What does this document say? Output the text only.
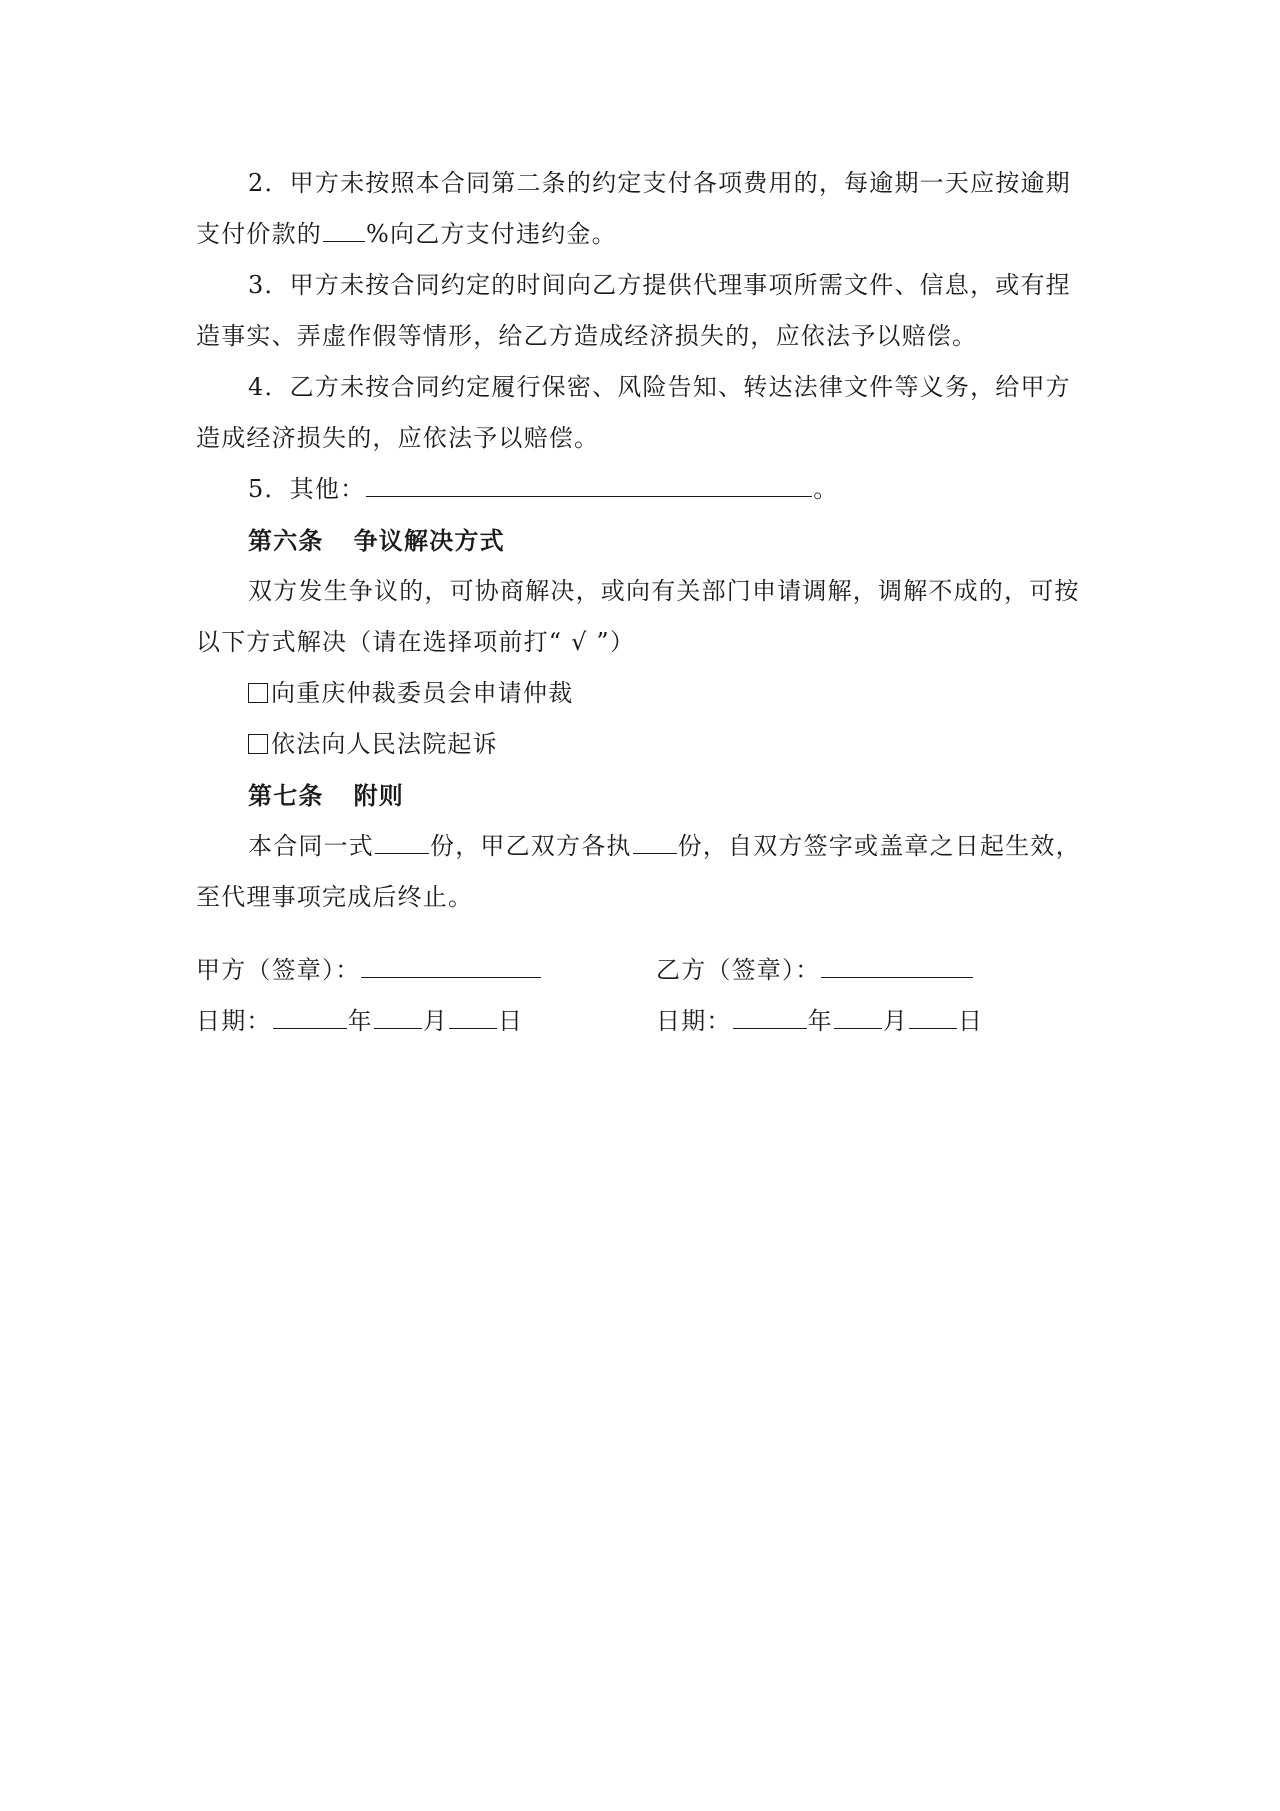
2．甲方未按照本合同第二条的约定支付各项费用的，每逾期一天应按逾期支付价款的 %向乙方支付违约金。

3．甲方未按合同约定的时间向乙方提供代理事项所需文件、信息，或有捏造事实、弄虚作假等情形，给乙方造成经济损失的，应依法予以赔偿。

4．乙方未按合同约定履行保密、风险告知、转达法律文件等义务，给甲方造成经济损失的，应依法予以赔偿。

5．其他：	。

第六条 争议解决方式

双方发生争议的，可协商解决，或向有关部门申请调解，调解不成的，可按以下方式解决（请在选择项前打“ √ ”）

向重庆仲裁委员会申请仲裁

依法向人民法院起诉

第七条 附则

本合同一式 份，甲乙双方各执 份，自双方签字或盖章之日起生效，至代理事项完成后终止。

甲方（签章）：	乙方（签章）：
日期：	年 月 日	日期：	年 月 日
